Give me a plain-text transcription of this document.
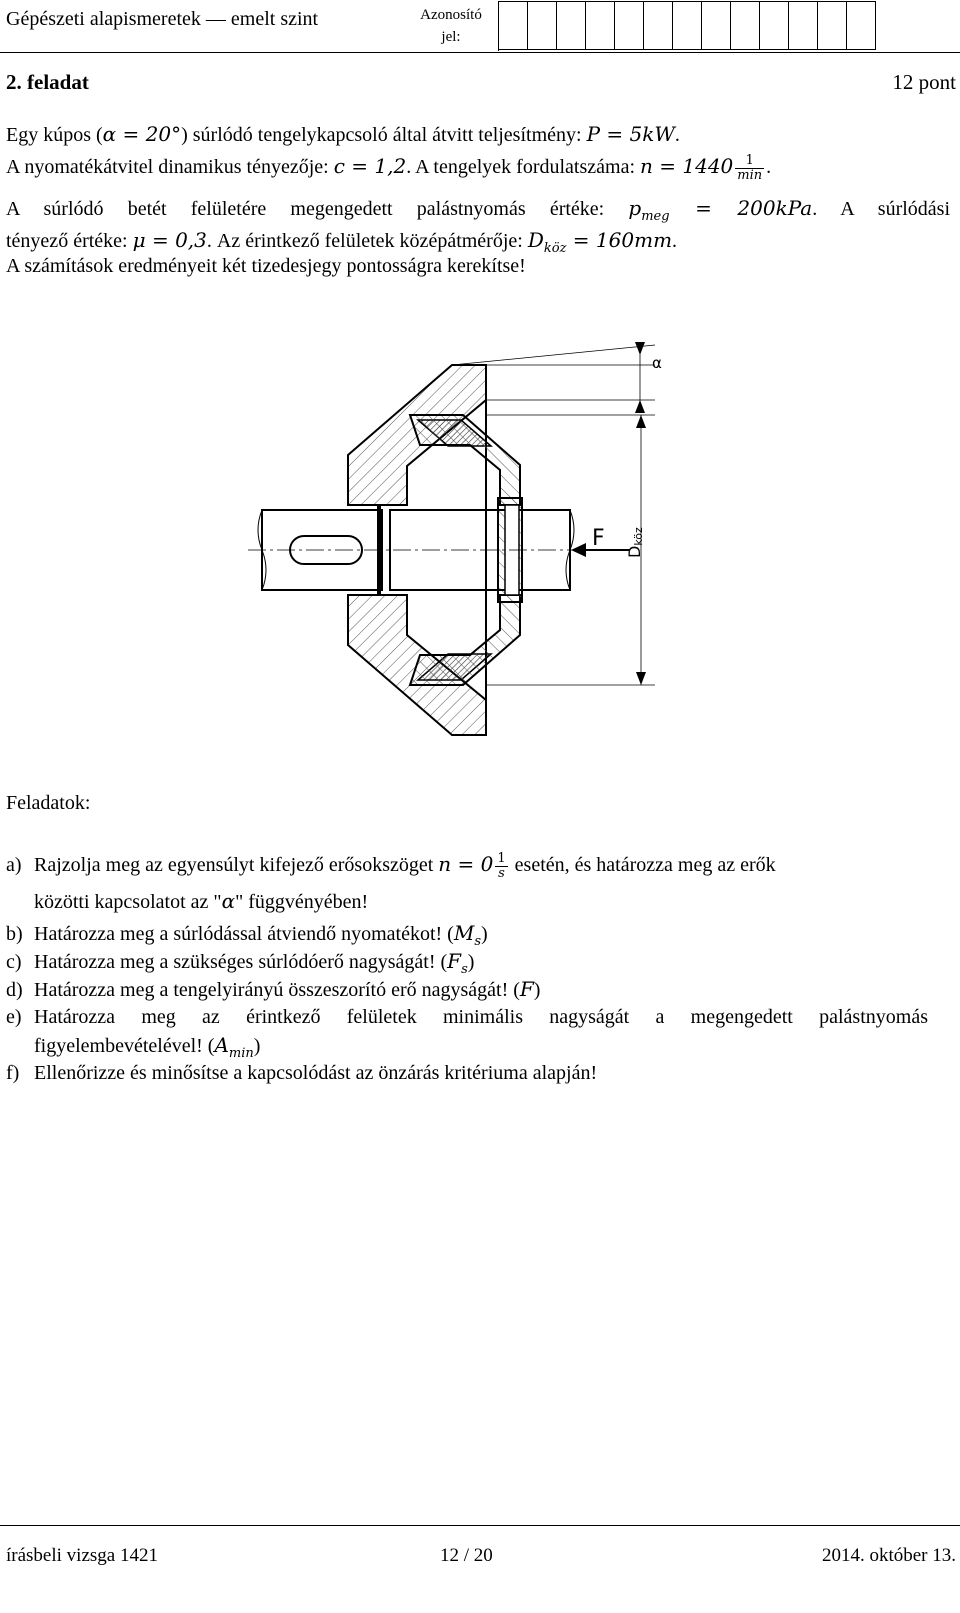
Gépészeti alapismeretek — emelt szint	Azonosító
jel:
2. feladat	12 pont
Egy kúpos (α = 20°) súrlódó tengelykapcsoló által átvitt teljesítmény: P = 5kW.
A nyomatékátvitel dinamikus tényezője: c = 1,2. A tengelyek fordulatszáma: $n = 1440 \frac{1}{\min}$ .
A súrlódó betét felületére megengedett palástnyomás értéke: $p_{meg} = 200kPa$. A súrlódási
tényező értéke: μ = 0,3. Az érintkező felületek középátmérője: $D_{köz} = 160mm$.
A számítások eredményeit két tizedesjegy pontosságra kerekítse!
α
Dköz
F
Feladatok:
a) Rajzolja meg az egyensúlyt kifejező erősokszöget $n = 0 \frac{1}{s}$ esetén, és határozza meg az erők
közötti kapcsolatot az "α" függvényében!
b) Határozza meg a súrlódással átviendő nyomatékot! $(M_s)$
c) Határozza meg a szükséges súrlódóerő nagyságát! $(F_s)$
d) Határozza meg a tengelyirányú összeszorító erő nagyságát! (F)
e) Határozza meg az érintkező felületek minimális nagyságát a megengedett palástnyomás
figyelembevételével! $(A_{min})$
f) Ellenőrizze és minősítse a kapcsolódást az önzárás kritériuma alapján!
írásbeli vizsga 1421	12 / 20	2014. október 13.
